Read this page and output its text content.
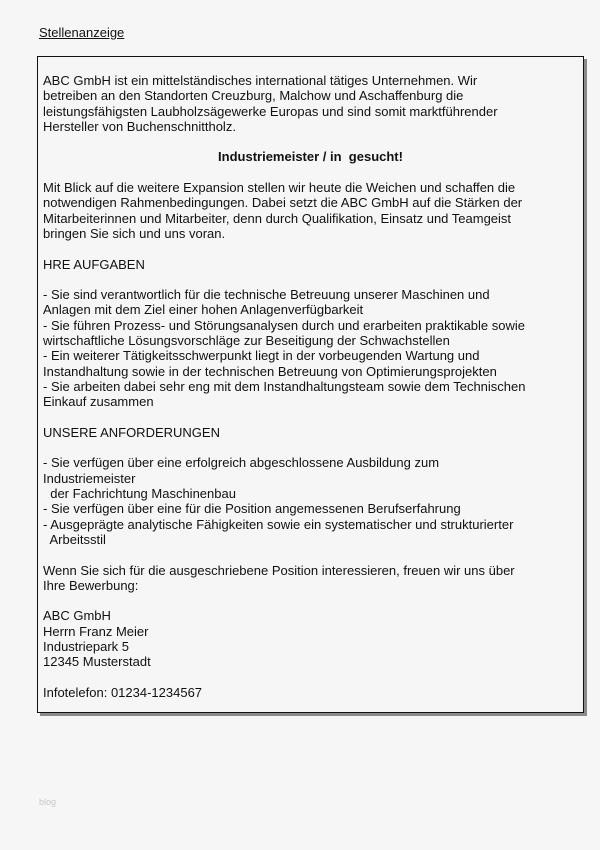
Stellenanzeige
ABC GmbH ist ein mittelständisches international tätiges Unternehmen. Wir
betreiben an den Standorten Creuzburg, Malchow und Aschaffenburg die
leistungsfähigsten Laubholzsägewerke Europas und sind somit marktführender
Hersteller von Buchenschnittholz.
Industriemeister / in  gesucht!
Mit Blick auf die weitere Expansion stellen wir heute die Weichen und schaffen die
notwendigen Rahmenbedingungen. Dabei setzt die ABC GmbH auf die Stärken der
Mitarbeiterinnen und Mitarbeiter, denn durch Qualifikation, Einsatz und Teamgeist
bringen Sie sich und uns voran.
HRE AUFGABEN
- Sie sind verantwortlich für die technische Betreuung unserer Maschinen und
Anlagen mit dem Ziel einer hohen Anlagenverfügbarkeit
- Sie führen Prozess- und Störungsanalysen durch und erarbeiten praktikable sowie
wirtschaftliche Lösungsvorschläge zur Beseitigung der Schwachstellen
- Ein weiterer Tätigkeitsschwerpunkt liegt in der vorbeugenden Wartung und
Instandhaltung sowie in der technischen Betreuung von Optimierungsprojekten
- Sie arbeiten dabei sehr eng mit dem Instandhaltungsteam sowie dem Technischen
Einkauf zusammen
UNSERE ANFORDERUNGEN
- Sie verfügen über eine erfolgreich abgeschlossene Ausbildung zum
Industriemeister
der Fachrichtung Maschinenbau
- Sie verfügen über eine für die Position angemessenen Berufserfahrung
- Ausgeprägte analytische Fähigkeiten sowie ein systematischer und strukturierter
Arbeitsstil
Wenn Sie sich für die ausgeschriebene Position interessieren, freuen wir uns über
Ihre Bewerbung:
ABC GmbH
Herrn Franz Meier
Industriepark 5
12345 Musterstadt
Infotelefon: 01234-1234567
blog
